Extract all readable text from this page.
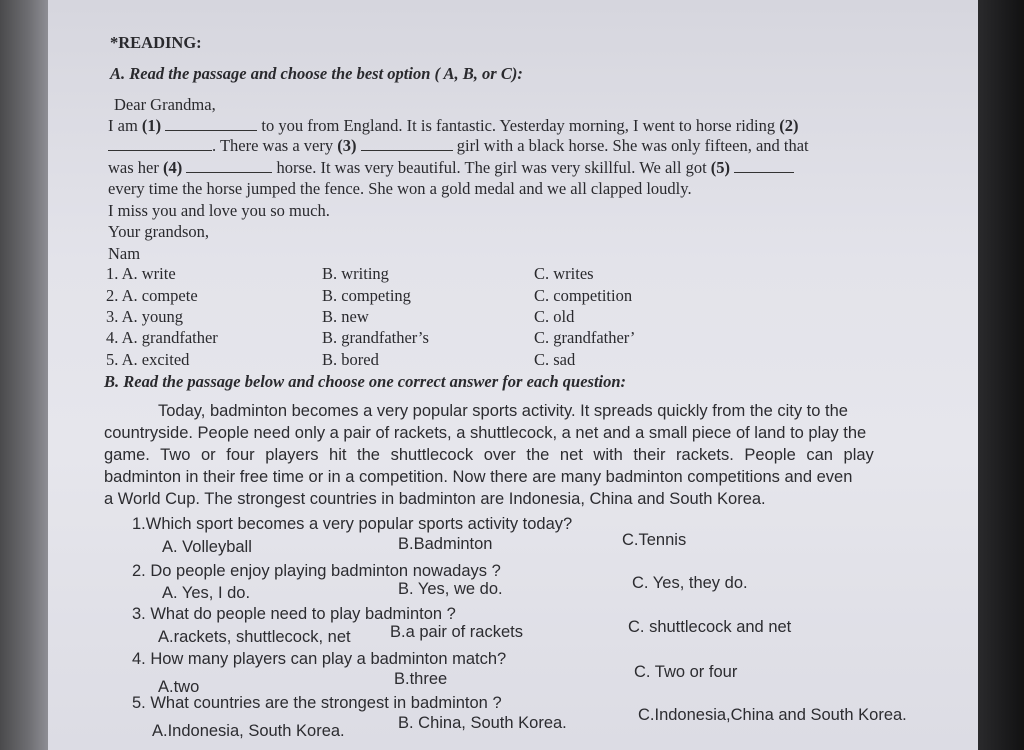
*READING:
A. Read the passage and choose the best option ( A, B, or C):
Dear Grandma,
I am (1)	to you from England. It is fantastic. Yesterday morning, I went to horse riding (2)
. There was a very (3)	girl with a black horse. She was only fifteen, and that
was her (4)	horse. It was very beautiful. The girl was very skillful. We all got (5)
every time the horse jumped the fence. She won a gold medal and we all clapped loudly.
I miss you and love you so much.
Your grandson,
Nam
1. A. write	B. writing	C. writes
2. A. compete	B. competing	C. competition
3. A. young	B. new	C. old
4. A. grandfather	B. grandfather’s	C. grandfather’
5. A. excited	B. bored	C. sad
B. Read the passage below and choose one correct answer for each question:
Today, badminton becomes a very popular sports activity. It spreads quickly from the city to the
countryside. People need only a pair of rackets, a shuttlecock, a net and a small piece of land to play the
game. Two or four players hit the shuttlecock over the net with their rackets. People can play
badminton in their free time or in a competition. Now there are many badminton competitions and even
a World Cup. The strongest countries in badminton are Indonesia, China and South Korea.
1.Which sport becomes a very popular sports activity today?
A. Volleyball	B.Badminton	C.Tennis
2. Do people enjoy playing badminton nowadays ?
A. Yes, I do.	B. Yes, we do.	C. Yes, they do.
3. What do people need to play badminton ?
A.rackets, shuttlecock, net B.a pair of rackets	C. shuttlecock and net
4. How many players can play a badminton match?
A.two	B.three	C. Two or four
5. What countries are the strongest in badminton ?
A.Indonesia, South Korea.	B. China, South Korea.	C.Indonesia,China and South Korea.
